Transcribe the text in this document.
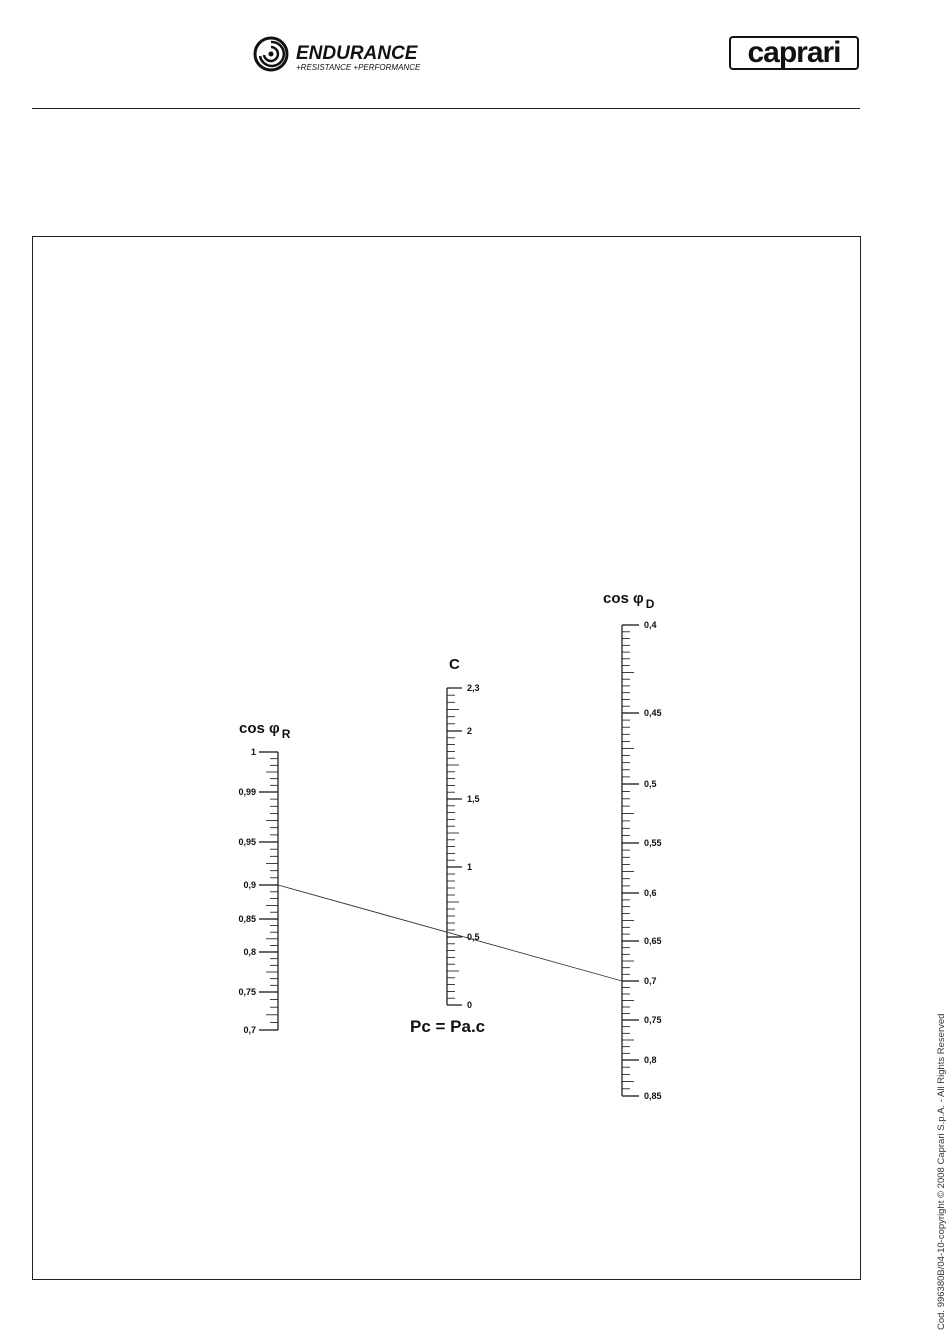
ENDURANCE
+RESISTANCE +PERFORMANCE	caprari
cos φ $_R$
C
cos φ $_D$
1
0,99
0,95
0,9
0,85
0,8
0,75
0,7
2,3
2
1,5
1
0,5
0
0,4
0,45
0,5
0,55
0,6
0,65
0,7
0,75
0,8
0,85
Pc = Pa.c	Cod. 996380B/04-10-copyright © 2008 Caprari S.p.A. - All Rights Reserved
